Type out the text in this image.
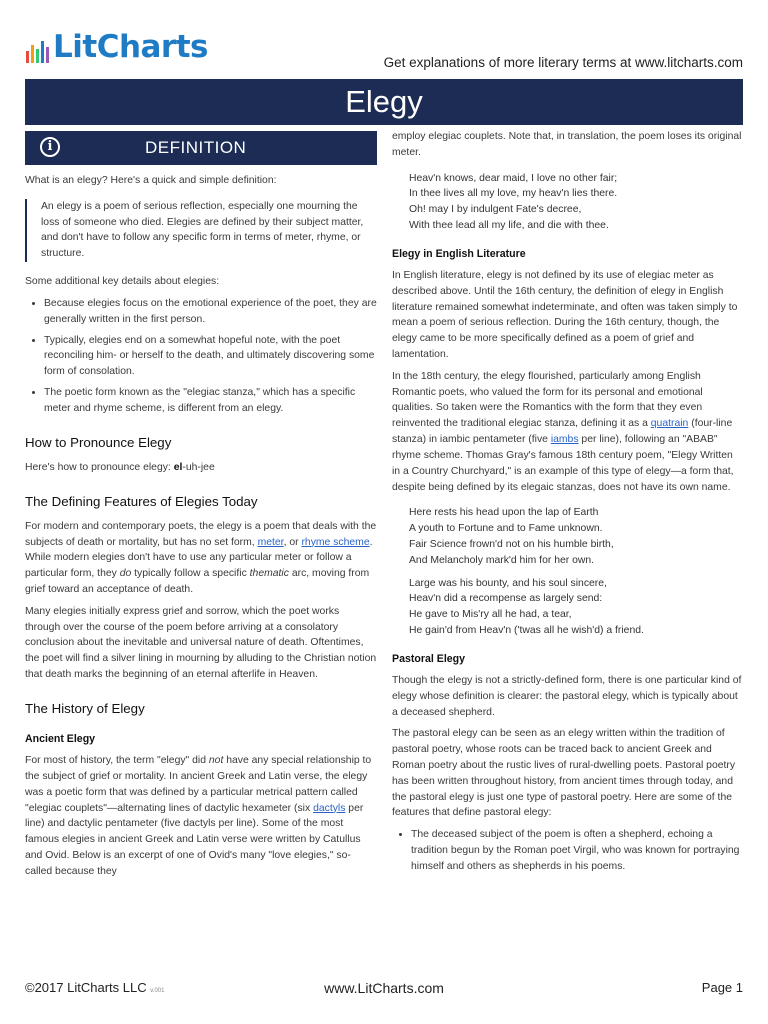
LitCharts	Get explanations of more literary terms at www.litcharts.com
Elegy
i	DEFINITION

What is an elegy? Here's a quick and simple definition:

An elegy is a poem of serious reflection, especially one mourning the loss of someone who died. Elegies are defined by their subject matter, and don't have to follow any specific form in terms of meter, rhyme, or structure.

Some additional key details about elegies:

• Because elegies focus on the emotional experience of the poet, they are generally written in the first person.
• Typically, elegies end on a somewhat hopeful note, with the poet reconciling him- or herself to the death, and ultimately discovering some form of consolation.
• The poetic form known as the "elegiac stanza," which has a specific meter and rhyme scheme, is different from an elegy.
How to Pronounce Elegy

Here's how to pronounce elegy: el-uh-jee

The Defining Features of Elegies Today

For modern and contemporary poets, the elegy is a poem that deals with the subjects of death or mortality, but has no set form, meter, or rhyme scheme. While modern elegies don't have to use any particular meter or follow a particular form, they do typically follow a specific thematic arc, moving from grief toward an acceptance of death.

Many elegies initially express grief and sorrow, which the poet works through over the course of the poem before arriving at a consolatory conclusion about the inevitable and universal nature of death. Oftentimes, the poet will find a silver lining in mourning by alluding to the Christian notion that death marks the beginning of an eternal afterlife in Heaven.

The History of Elegy
Ancient Elegy

For most of history, the term "elegy" did not have any special relationship to the subject of grief or mortality. In ancient Greek and Latin verse, the elegy was a poetic form that was defined by a particular metrical pattern called "elegiac couplets"—alternating lines of dactylic hexameter (six dactyls per line) and dactylic pentameter (five dactyls per line). Some of the most famous elegies in ancient Greek and Latin verse were written by Catullus and Ovid. Below is an excerpt of one of Ovid's many "love elegies," so-called because they

employ elegiac couplets. Note that, in translation, the poem loses its original meter.

Heav'n knows, dear maid, I love no other fair;
In thee lives all my love, my heav'n lies there.
Oh! may I by indulgent Fate's decree,
With thee lead all my life, and die with thee.
Elegy in English Literature

In English literature, elegy is not defined by its use of elegiac meter as described above. Until the 16th century, the definition of elegy in English literature remained somewhat indeterminate, and often was taken simply to mean a poem of serious reflection. During the 16th century, though, the elegy came to be more specifically defined as a poem of grief and lamentation.

In the 18th century, the elegy flourished, particularly among English Romantic poets, who valued the form for its personal and emotional qualities. So taken were the Romantics with the form that they even reinvented the traditional elegiac stanza, defining it as a quatrain (four-line stanza) in iambic pentameter (five iambs per line), following an "ABAB" rhyme scheme. Thomas Gray's famous 18th century poem, "Elegy Written in a Country Churchyard," is an example of this type of elegy—a form that, despite being defined by its elegaic stanzas, does not have its own name.

Here rests his head upon the lap of Earth
A youth to Fortune and to Fame unknown.
Fair Science frown'd not on his humble birth,
And Melancholy mark'd him for her own.
Large was his bounty, and his soul sincere,
Heav'n did a recompense as largely send:
He gave to Mis'ry all he had, a tear,
He gain'd from Heav'n ('twas all he wish'd) a friend.
Pastoral Elegy

Though the elegy is not a strictly-defined form, there is one particular kind of elegy whose definition is clearer: the pastoral elegy, which is typically about a deceased shepherd.

The pastoral elegy can be seen as an elegy written within the tradition of pastoral poetry, whose roots can be traced back to ancient Greek and Roman poetry about the rustic lives of rural-dwelling poets. Pastoral poetry has been written throughout history, from ancient times through today, and the pastoral elegy is just one type of pastoral poetry. Here are some of the features that define pastoral elegy:

• The deceased subject of the poem is often a shepherd, echoing a tradition begun by the Roman poet Virgil, who was known for portraying himself and others as shepherds in his poems.
©2017 LitCharts LLC v.001	www.LitCharts.com	Page 1
